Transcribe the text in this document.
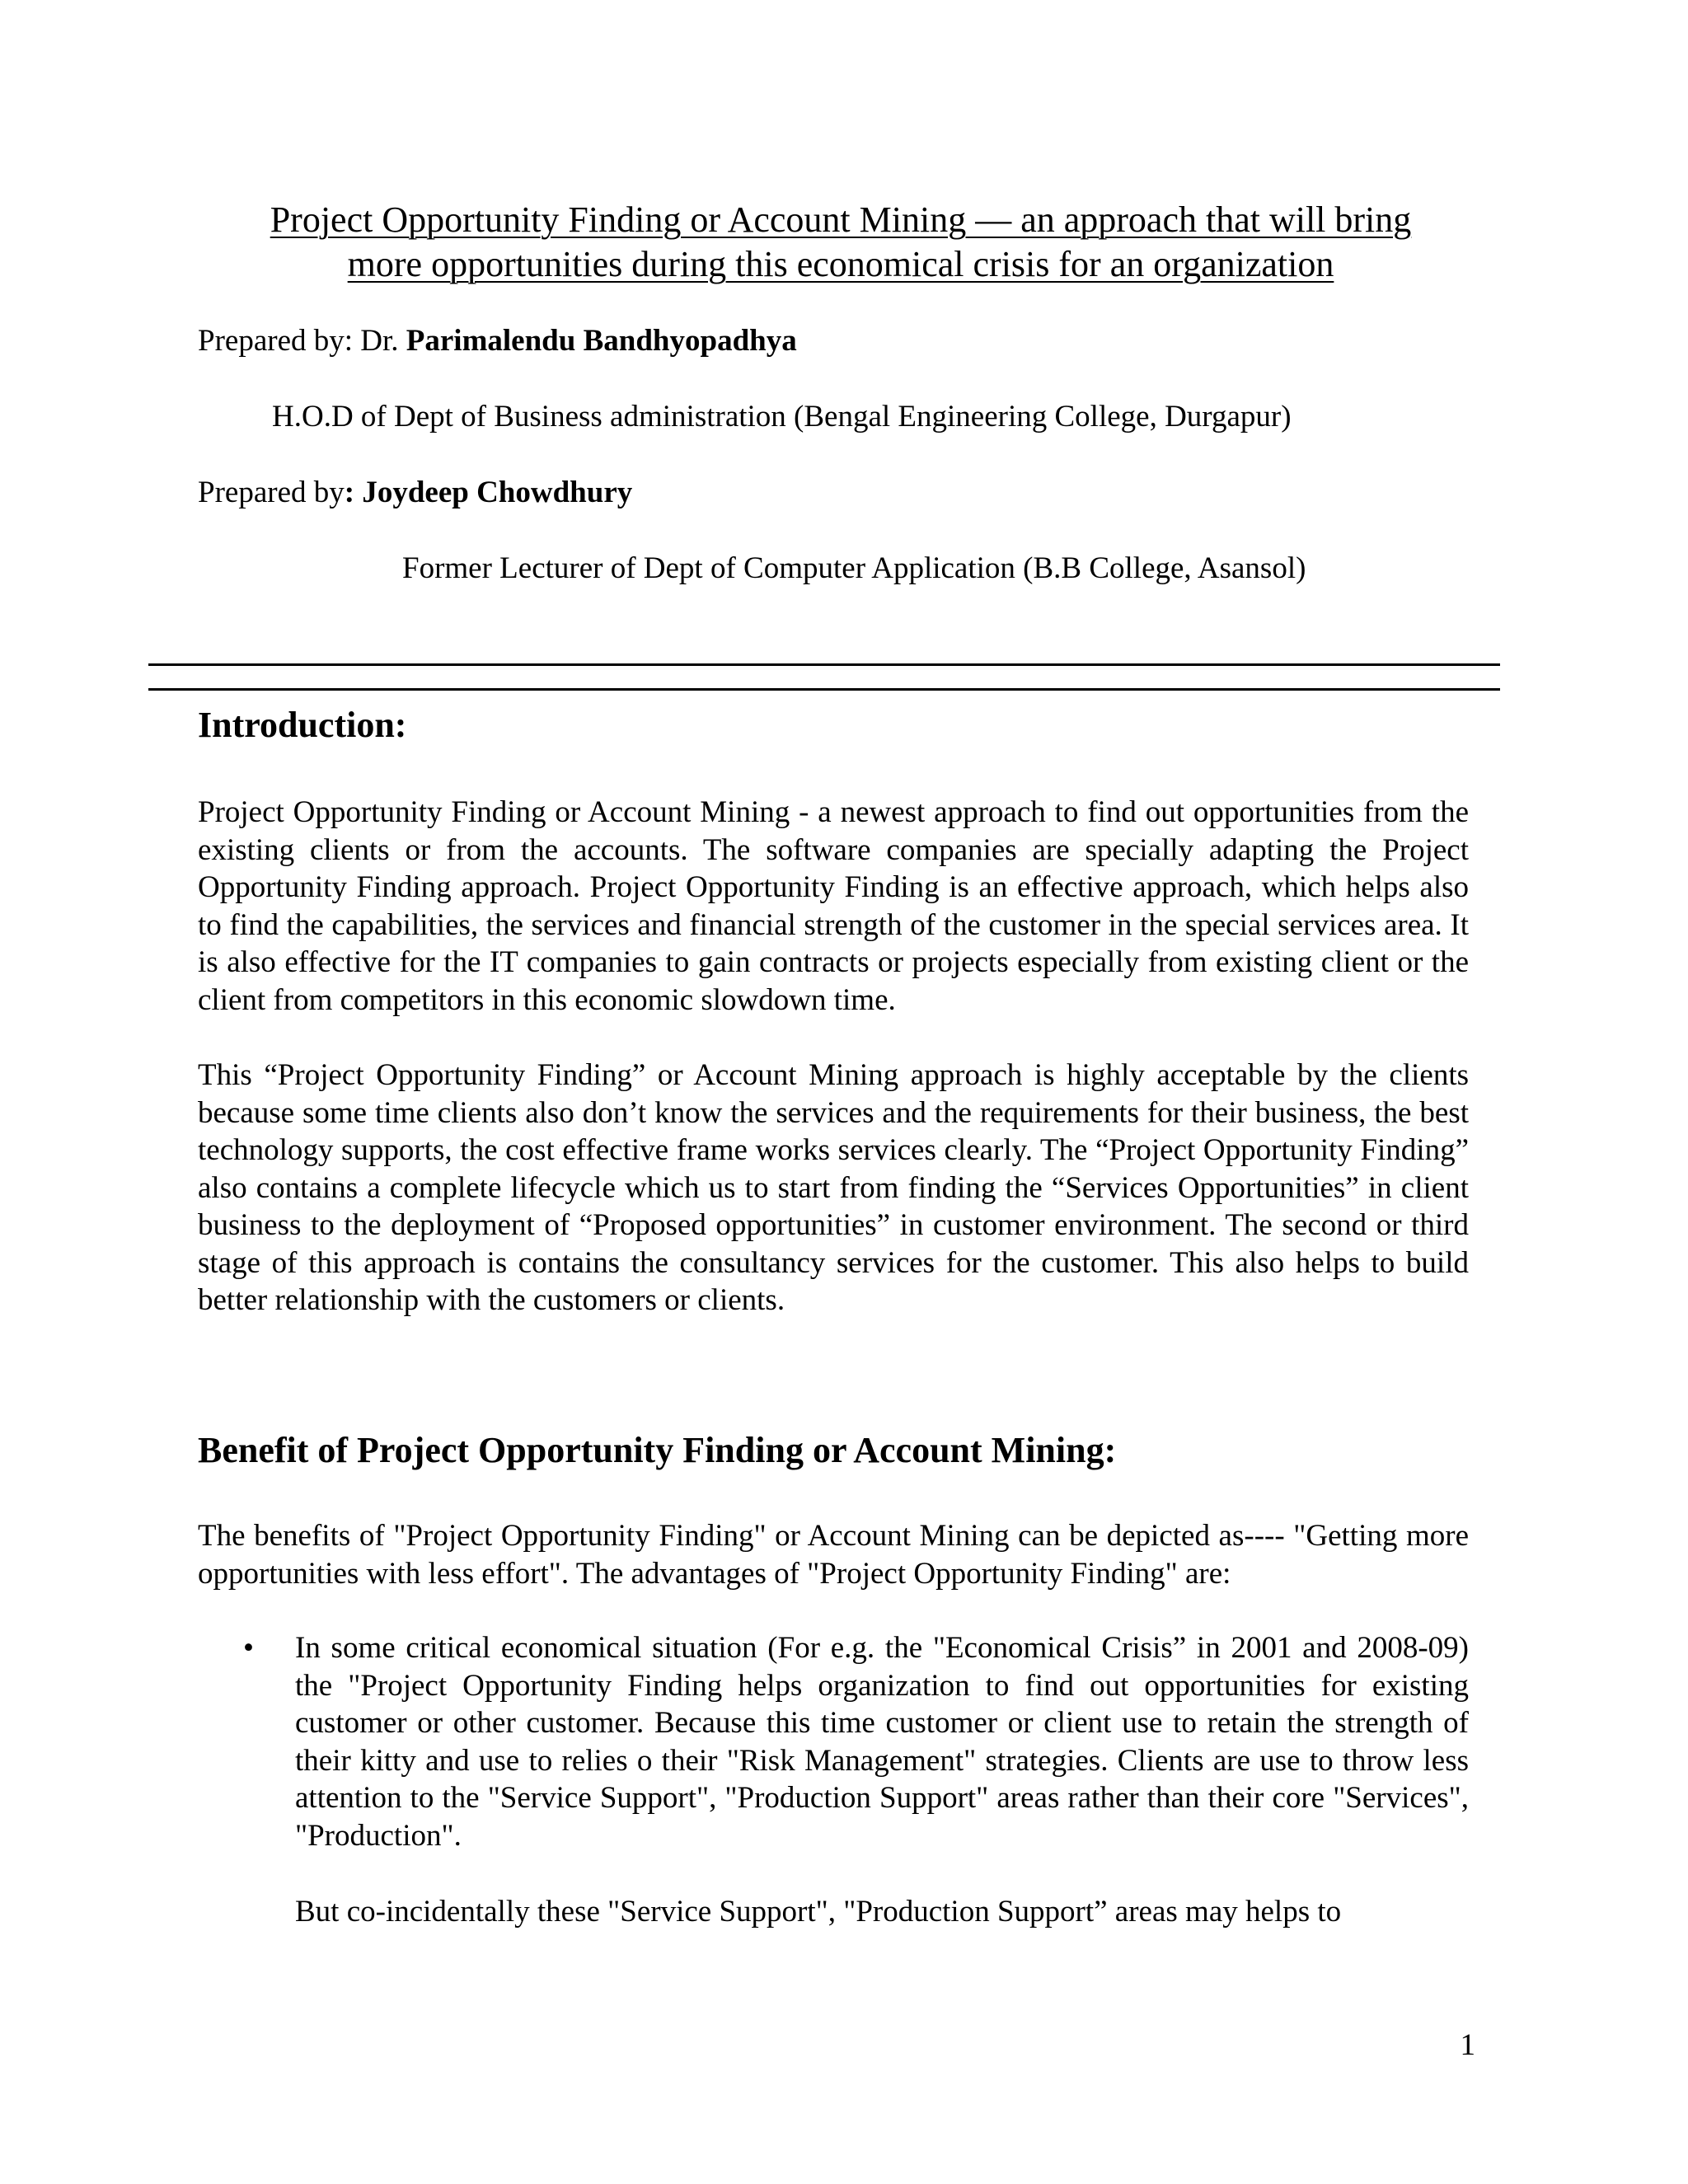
Project Opportunity Finding or Account Mining — an approach that will bring
more opportunities during this economical crisis for an organization
Prepared by: Dr. Parimalendu Bandhyopadhya
H.O.D of Dept of Business administration (Bengal Engineering College, Durgapur)
Prepared by: Joydeep Chowdhury
Former Lecturer of Dept of Computer Application (B.B College, Asansol)
Introduction:
Project Opportunity Finding or Account Mining - a newest approach to find out opportunities from the existing clients or from the accounts. The software companies are specially adapting the Project Opportunity Finding approach. Project Opportunity Finding is an effective approach, which helps also to find the capabilities, the services and financial strength of the customer in the special services area. It is also effective for the IT companies to gain contracts or projects especially from existing client or the client from competitors in this economic slowdown time.
This “Project Opportunity Finding” or Account Mining approach is highly acceptable by the clients because some time clients also don’t know the services and the requirements for their business, the best technology supports, the cost effective frame works services clearly. The “Project Opportunity Finding” also contains a complete lifecycle which us to start from finding the “Services Opportunities” in client business to the deployment of “Proposed opportunities” in customer environment. The second or third stage of this approach is contains the consultancy services for the customer. This also helps to build better relationship with the customers or clients.
Benefit of Project Opportunity Finding or Account Mining:
The benefits of "Project Opportunity Finding" or Account Mining can be depicted as---- "Getting more opportunities with less effort". The advantages of "Project Opportunity Finding" are:
• In some critical economical situation (For e.g. the "Economical Crisis” in 2001 and 2008-09) the "Project Opportunity Finding helps organization to find out opportunities for existing customer or other customer. Because this time customer or client use to retain the strength of their kitty and use to relies o their "Risk Management" strategies. Clients are use to throw less attention to the "Service Support", "Production Support" areas rather than their core "Services", "Production".
But co-incidentally these "Service Support", "Production Support” areas may helps to
1
